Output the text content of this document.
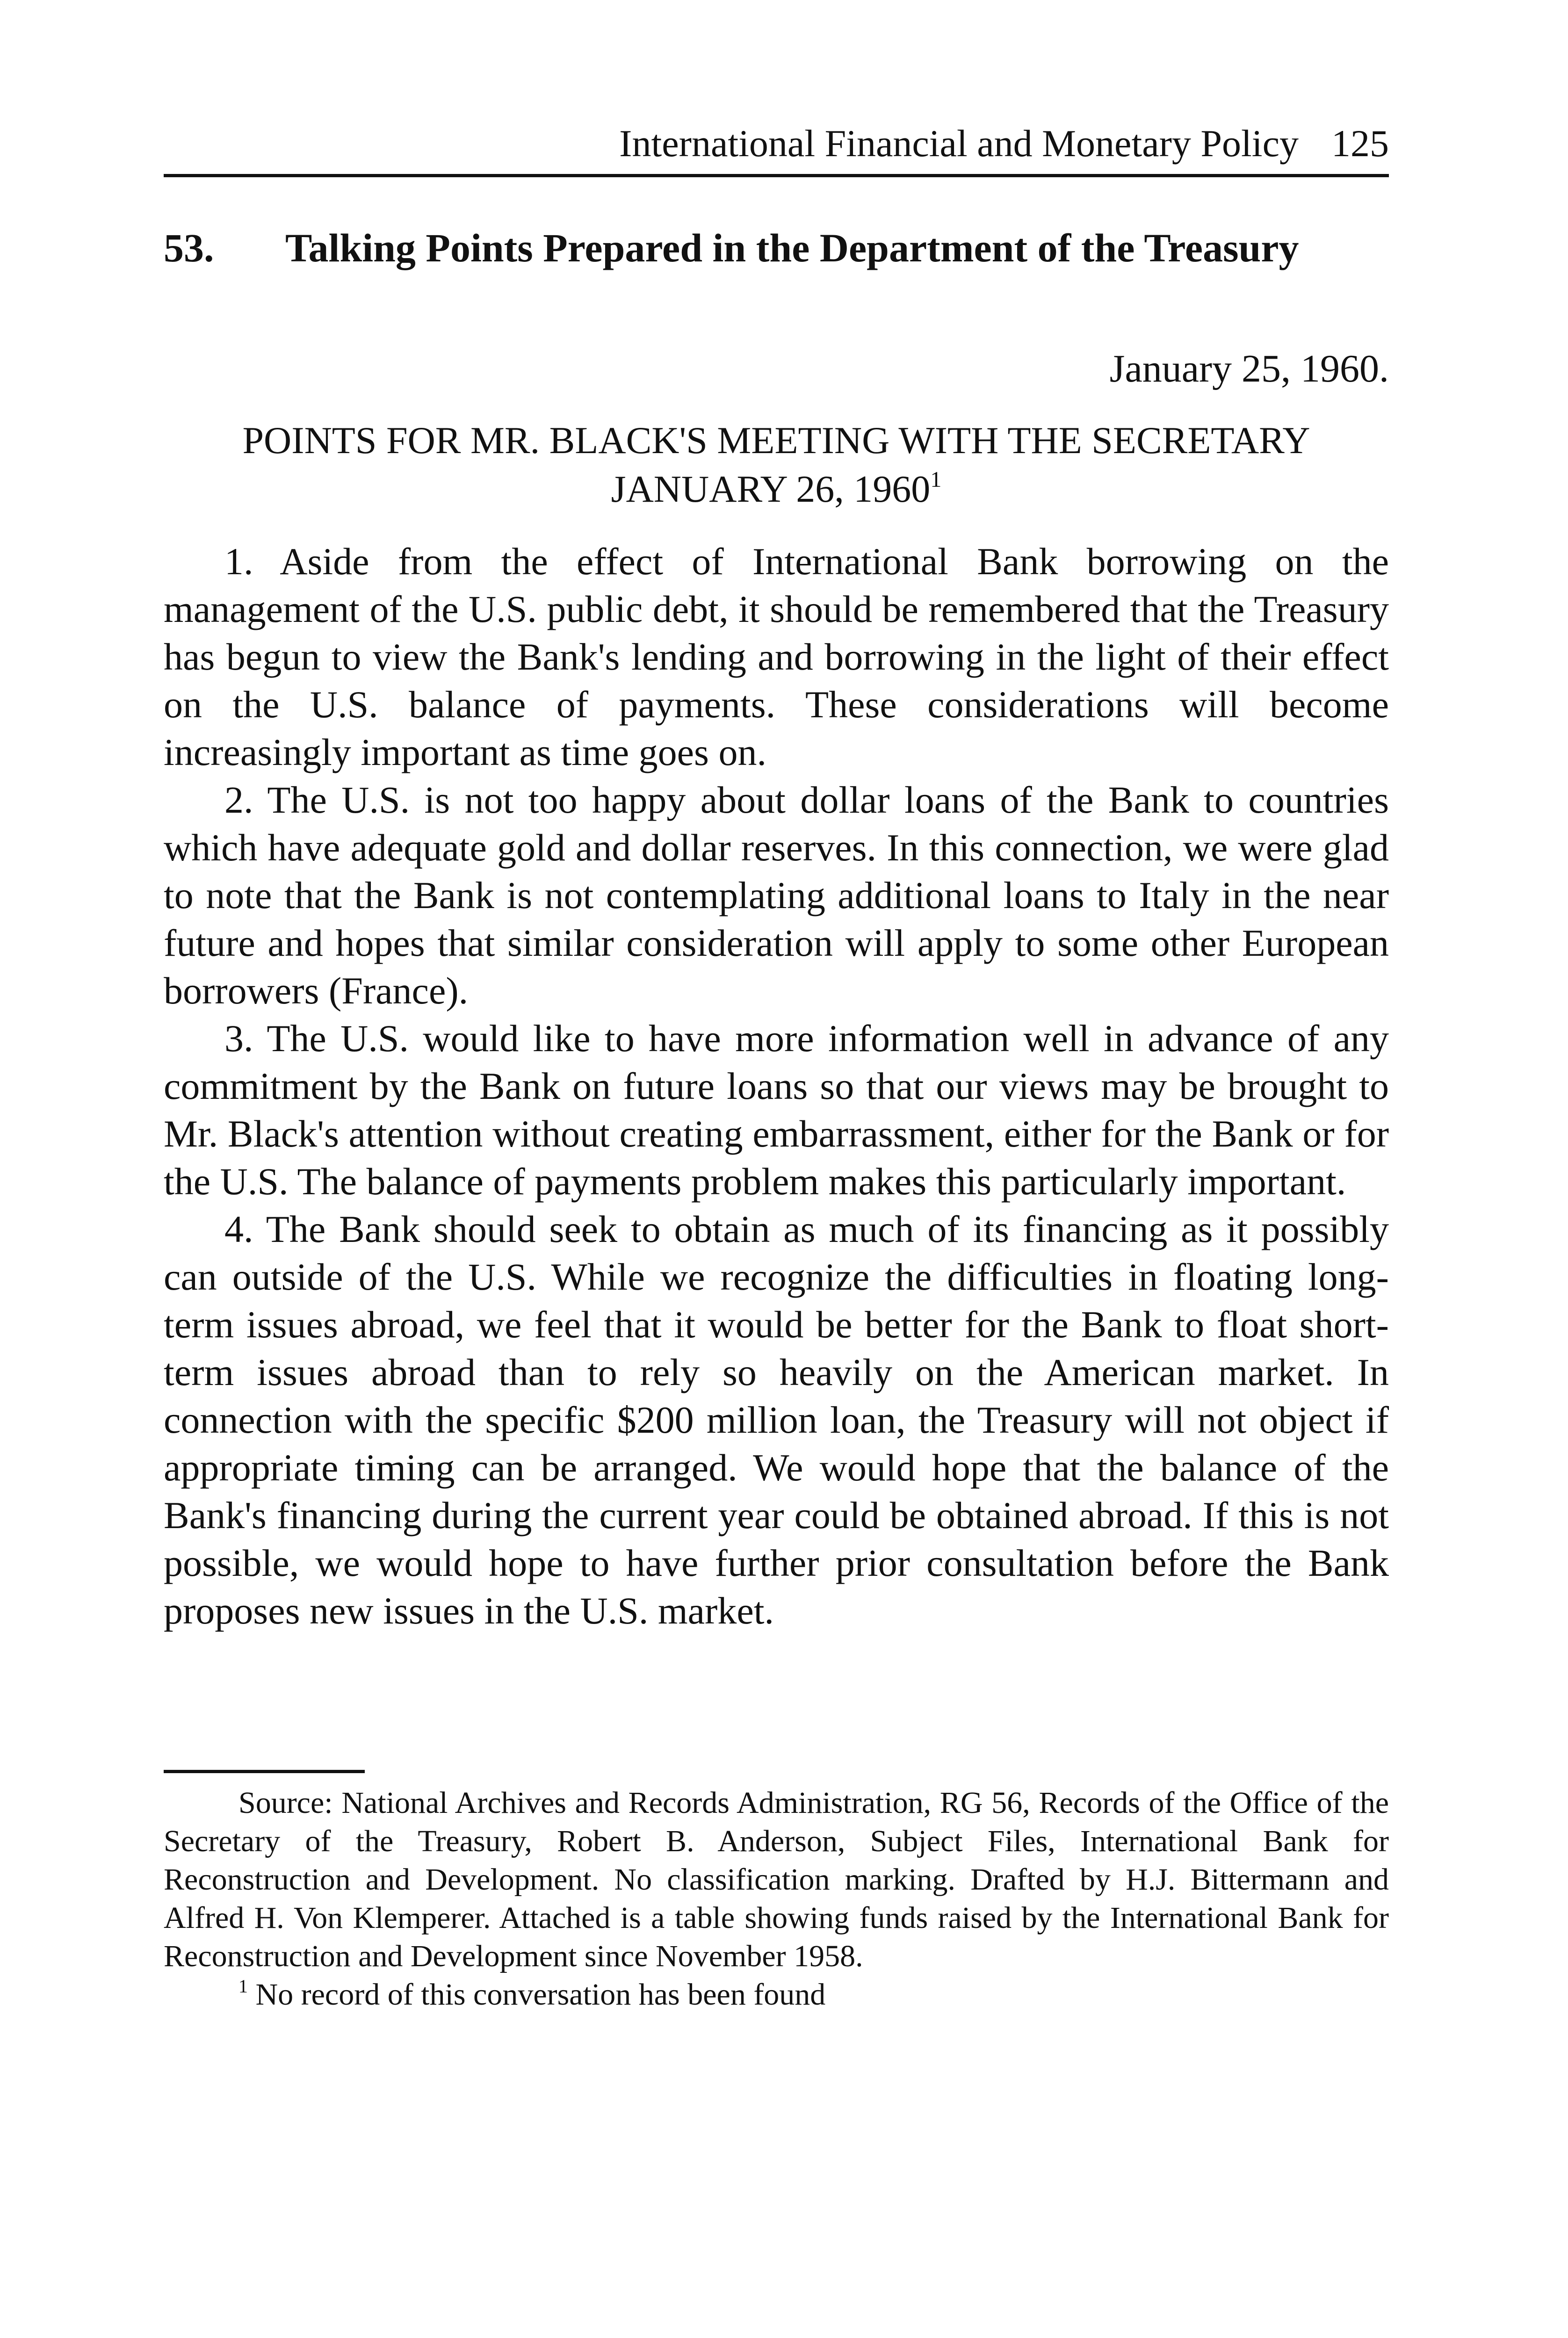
International Financial and Monetary Policy 125
53. Talking Points Prepared in the Department of the Treasury
January 25, 1960.
POINTS FOR MR. BLACK'S MEETING WITH THE SECRETARY
JANUARY 26, 1960$^1$

1. Aside from the effect of International Bank borrowing on the management of the U.S. public debt, it should be remembered that the Treasury has begun to view the Bank's lending and borrowing in the light of their effect on the U.S. balance of payments. These considerations will become increasingly important as time goes on.

2. The U.S. is not too happy about dollar loans of the Bank to countries which have adequate gold and dollar reserves. In this connection, we were glad to note that the Bank is not contemplating additional loans to Italy in the near future and hopes that similar consideration will apply to some other European borrowers (France).

3. The U.S. would like to have more information well in advance of any commitment by the Bank on future loans so that our views may be brought to Mr. Black's attention without creating embarrassment, either for the Bank or for the U.S. The balance of payments problem makes this particularly important.

4. The Bank should seek to obtain as much of its financing as it possibly can outside of the U.S. While we recognize the difficulties in floating long-term issues abroad, we feel that it would be better for the Bank to float short-term issues abroad than to rely so heavily on the American market. In connection with the specific $200 million loan, the Treasury will not object if appropriate timing can be arranged. We would hope that the balance of the Bank's financing during the current year could be obtained abroad. If this is not possible, we would hope to have further prior consultation before the Bank proposes new issues in the U.S. market.

Source: National Archives and Records Administration, RG 56, Records of the Office of the Secretary of the Treasury, Robert B. Anderson, Subject Files, International Bank for Reconstruction and Development. No classification marking. Drafted by H.J. Bittermann and Alfred H. Von Klemperer. Attached is a table showing funds raised by the International Bank for Reconstruction and Development since November 1958.

$^1$ No record of this conversation has been found
